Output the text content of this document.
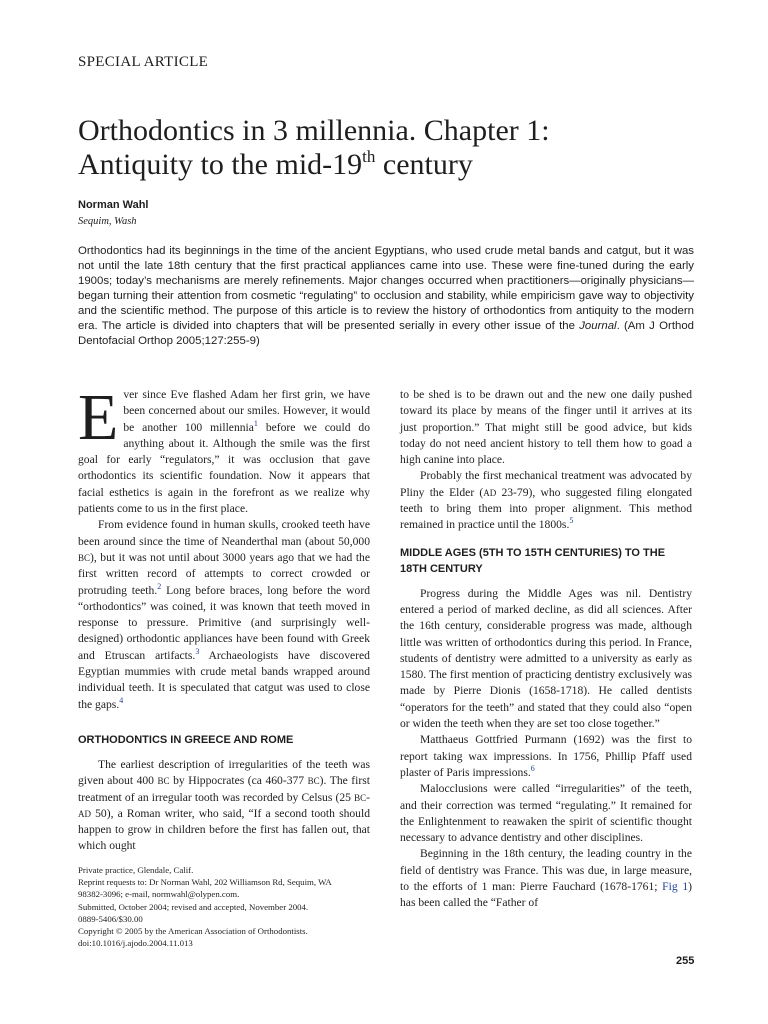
SPECIAL ARTICLE
Orthodontics in 3 millennia. Chapter 1:
Antiquity to the mid-19th century
Norman Wahl
Sequim, Wash

Orthodontics had its beginnings in the time of the ancient Egyptians, who used crude metal bands and catgut, but it was not until the late 18th century that the first practical appliances came into use. These were fine-tuned during the early 1900s; today’s mechanisms are merely refinements. Major changes occurred when practitioners—originally physicians—began turning their attention from cosmetic “regulating” to occlusion and stability, while empiricism gave way to objectivity and the scientific method. The purpose of this article is to review the history of orthodontics from antiquity to the modern era. The article is divided into chapters that will be presented serially in every other issue of the Journal. (Am J Orthod Dentofacial Orthop 2005;127:255-9)

Ever since Eve flashed Adam her first grin, we have been concerned about our smiles. However, it would be another 100 millennia$^1$ before we could do anything about it. Although the smile was the first goal for early “regulators,” it was occlusion that gave orthodontics its scientific foundation. Now it appears that facial esthetics is again in the forefront as we realize why patients come to us in the first place.

From evidence found in human skulls, crooked teeth have been around since the time of Neanderthal man (about 50,000 BC), but it was not until about 3000 years ago that we had the first written record of attempts to correct crowded or protruding teeth.$^2$ Long before braces, long before the word “orthodontics” was coined, it was known that teeth moved in response to pressure. Primitive (and surprisingly well-designed) orthodontic appliances have been found with Greek and Etruscan artifacts.$^3$ Archaeologists have discovered Egyptian mummies with crude metal bands wrapped around individual teeth. It is speculated that catgut was used to close the gaps.$^4$

ORTHODONTICS IN GREECE AND ROME

The earliest description of irregularities of the teeth was given about 400 BC by Hippocrates (ca 460-377 BC). The first treatment of an irregular tooth was recorded by Celsus (25 BC-AD 50), a Roman writer, who said, “If a second tooth should happen to grow in children before the first has fallen out, that which ought

to be shed is to be drawn out and the new one daily pushed toward its place by means of the finger until it arrives at its just proportion.” That might still be good advice, but kids today do not need ancient history to tell them how to goad a high canine into place.

Probably the first mechanical treatment was advocated by Pliny the Elder (AD 23-79), who suggested filing elongated teeth to bring them into proper alignment. This method remained in practice until the 1800s.$^5$

MIDDLE AGES (5TH TO 15TH CENTURIES) TO THE 18TH CENTURY

Progress during the Middle Ages was nil. Dentistry entered a period of marked decline, as did all sciences. After the 16th century, considerable progress was made, although little was written of orthodontics during this period. In France, students of dentistry were admitted to a university as early as 1580. The first mention of practicing dentistry exclusively was made by Pierre Dionis (1658-1718). He called dentists “operators for the teeth” and stated that they could also “open or widen the teeth when they are set too close together.”

Matthaeus Gottfried Purmann (1692) was the first to report taking wax impressions. In 1756, Phillip Pfaff used plaster of Paris impressions.$^6$

Malocclusions were called “irregularities” of the teeth, and their correction was termed “regulating.” It remained for the Enlightenment to reawaken the spirit of scientific thought necessary to advance dentistry and other disciplines.

Beginning in the 18th century, the leading country in the field of dentistry was France. This was due, in large measure, to the efforts of 1 man: Pierre Fauchard (1678-1761; Fig 1) has been called the “Father of

Private practice, Glendale, Calif.
Reprint requests to: Dr Norman Wahl, 202 Williamson Rd, Sequim, WA
98382-3096; e-mail, normwahl@olypen.com.
Submitted, October 2004; revised and accepted, November 2004.
0889-5406/$30.00
Copyright © 2005 by the American Association of Orthodontists.
doi:10.1016/j.ajodo.2004.11.013
255
